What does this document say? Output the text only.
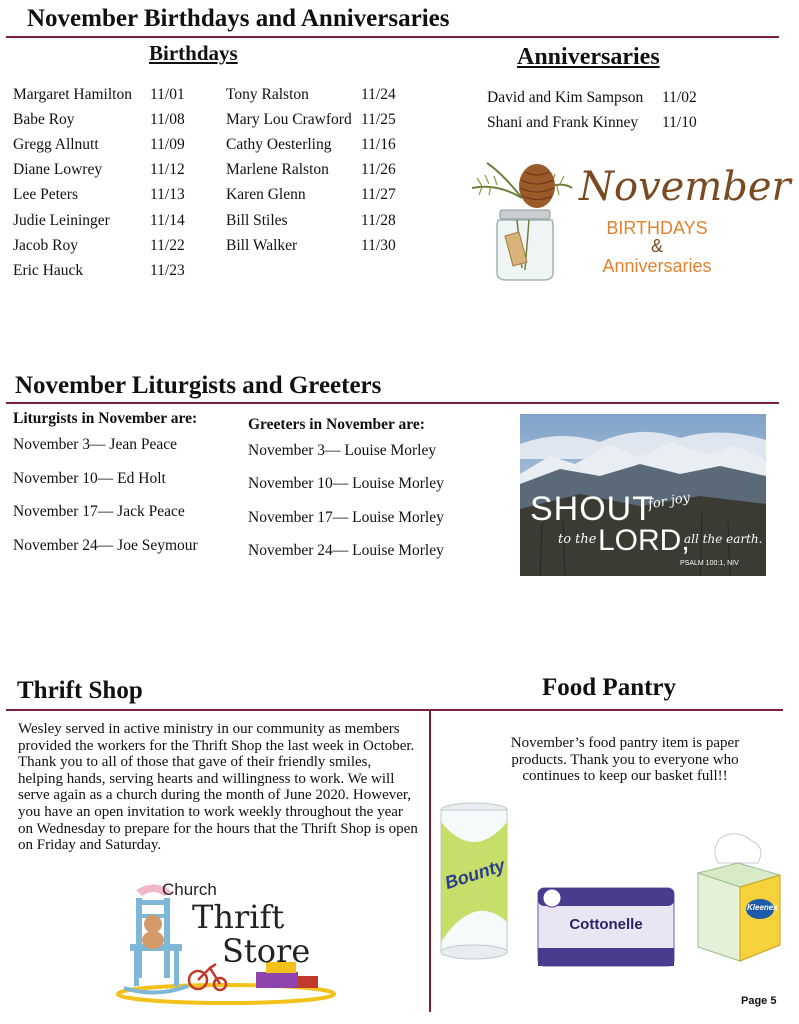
November Birthdays and Anniversaries
Birthdays
Margaret Hamilton 11/01
Babe Roy	11/08
Gregg Allnutt	11/09
Diane Lowrey	11/12
Lee Peters	11/13
Judie Leininger	11/14
Jacob Roy	11/22
Eric Hauck	11/23
Tony Ralston	11/24
Mary Lou Crawford 11/25
Cathy Oesterling 11/16
Marlene Ralston 11/26
Karen Glenn	11/27
Bill Stiles	11/28
Bill Walker	11/30
Anniversaries
David and Kim Sampson 11/02
Shani and Frank Kinney 11/10
November
BIRTHDAYS
&
Anniversaries
November Liturgists and Greeters
Liturgists in November are:	Greeters in November are:
November 3— Jean Peace
November 10— Ed Holt
November 17— Jack Peace
November 24— Joe Seymour
November 3— Louise Morley
November 10— Louise Morley
November 17— Louise Morley
November 24— Louise Morley
SHOUT
for joy
to the LORD,
all the earth.
PSALM 100:1, NIV
Thrift Shop	Food Pantry
Wesley served in active ministry in our community as members provided the workers for the Thrift Shop the last week in October. Thank you to all of those that gave of their friendly smiles, helping hands, serving hearts and willingness to work. We will serve again as a church during the month of June 2020. However, you have an open invitation to work weekly throughout the year on Wednesday to prepare for the hours that the Thrift Shop is open on Friday and Saturday.
Church
Thrift
Store
November’s food pantry item is paper products. Thank you to everyone who continues to keep our basket full!!
Bounty
Cottonelle
Kleenex
Page 5
